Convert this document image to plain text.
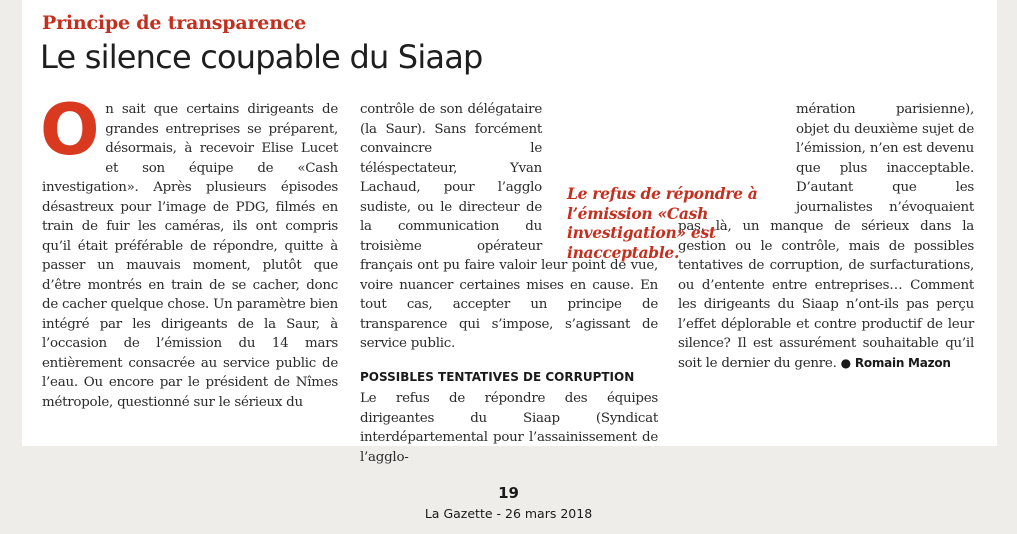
Principe de transparence
Le silence coupable du Siaap

O n sait que certains dirigeants de grandes entreprises se préparent, désormais, à recevoir Elise Lucet et son équipe de «Cash investigation». Après plusieurs épisodes désastreux pour l’image de PDG, filmés en train de fuir les caméras, ils ont compris qu’il était préférable de répondre, quitte à passer un mauvais moment, plutôt que d’être montrés en train de se cacher, donc de cacher quelque chose. Un paramètre bien intégré par les dirigeants de la Saur, à l’occasion de l’émission du 14 mars entièrement consacrée au service public de l’eau. Ou encore par le président de Nîmes métropole, questionné sur le sérieux du

contrôle de son délégataire (la Saur). Sans forcément convaincre le téléspectateur, Yvan Lachaud, pour l’agglo sudiste, ou le directeur de la communication du troisième opérateur français ont pu faire valoir leur point de vue, voire nuancer certaines mises en cause. En tout cas, accepter un principe de transparence qui s’impose, s’agissant de service public.

POSSIBLES TENTATIVES DE CORRUPTION

Le refus de répondre des équipes dirigeantes du Siaap (Syndicat interdépartemental pour l’assainissement de l’agglo-

mération parisienne), objet du deuxième sujet de l’émission, n’en est devenu que plus inacceptable. D’autant que les journalistes n’évoquaient pas, là, un manque de sérieux dans la gestion ou le contrôle, mais de possibles tentatives de corruption, de surfacturations, ou d’entente entre entreprises… Comment les dirigeants du Siaap n’ont-ils pas perçu l’effet déplorable et contre productif de leur silence? Il est assurément souhaitable qu’il soit le dernier du genre. ● Romain Mazon

Le refus de répondre à l’émission «Cash investigation» est inacceptable.
19
La Gazette - 26 mars 2018
